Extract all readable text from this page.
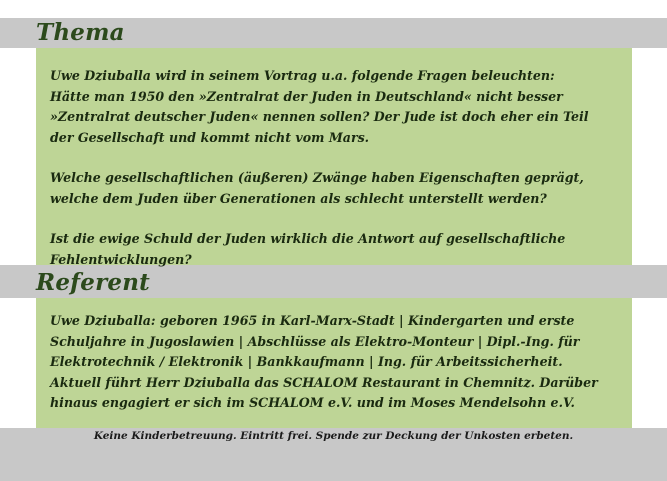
Thema

Uwe Dziuballa wird in seinem Vortrag u.a. folgende Fragen beleuchten:
Hätte man 1950 den »Zentralrat der Juden in Deutschland« nicht besser
»Zentralrat deutscher Juden« nennen sollen? Der Jude ist doch eher ein Teil
der Gesellschaft und kommt nicht vom Mars.

Welche gesellschaftlichen (äußeren) Zwänge haben Eigenschaften geprägt,
welche dem Juden über Generationen als schlecht unterstellt werden?

Ist die ewige Schuld der Juden wirklich die Antwort auf gesellschaftliche
Fehlentwicklungen?

Referent

Uwe Dziuballa: geboren 1965 in Karl-Marx-Stadt | Kindergarten und erste
Schuljahre in Jugoslawien | Abschlüsse als Elektro-Monteur | Dipl.-Ing. für
Elektrotechnik / Elektronik | Bankkaufmann | Ing. für Arbeitssicherheit.
Aktuell führt Herr Dziuballa das SCHALOM Restaurant in Chemnitz. Darüber
hinaus engagiert er sich im SCHALOM e.V. und im Moses Mendelsohn e.V.

Keine Kinderbetreuung. Eintritt frei. Spende zur Deckung der Unkosten erbeten.
